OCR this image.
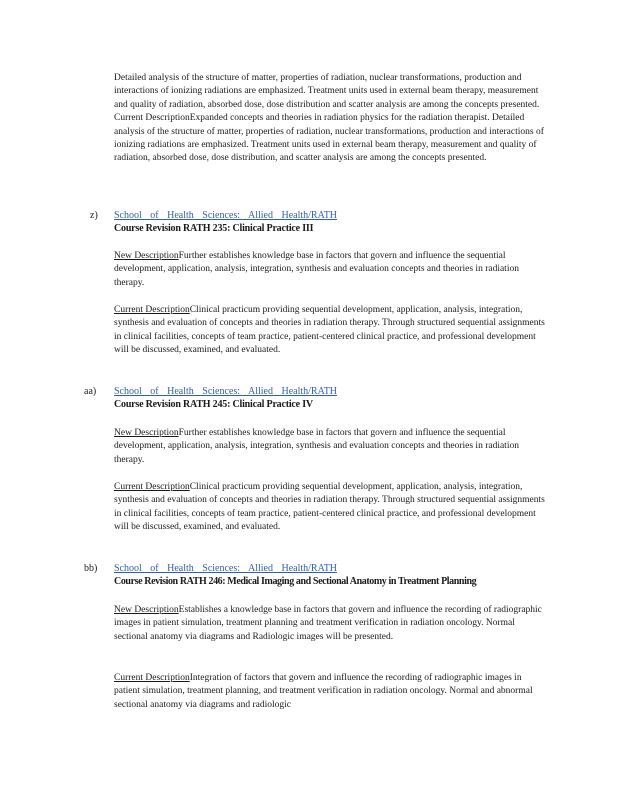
Detailed analysis of the structure of matter, properties of radiation, nuclear transformations, production and interactions of ionizing radiations are emphasized. Treatment units used in external beam therapy, measurement and quality of radiation, absorbed dose, dose distribution and scatter analysis are among the concepts presented.
Current DescriptionExpanded concepts and theories in radiation physics for the radiation therapist. Detailed analysis of the structure of matter, properties of radiation, nuclear transformations, production and interactions of ionizing radiations are emphasized. Treatment units used in external beam therapy, measurement and quality of radiation, absorbed dose, dose distribution, and scatter analysis are among the concepts presented.

z) School of Health Sciences: Allied Health/RATH
Course Revision RATH 235: Clinical Practice III

New DescriptionFurther establishes knowledge base in factors that govern and influence the sequential development, application, analysis, integration, synthesis and evaluation concepts and theories in radiation therapy.

Current DescriptionClinical practicum providing sequential development, application, analysis, integration, synthesis and evaluation of concepts and theories in radiation therapy. Through structured sequential assignments in clinical facilities, concepts of team practice, patient-centered clinical practice, and professional development will be discussed, examined, and evaluated.

aa) School of Health Sciences: Allied Health/RATH
Course Revision RATH 245: Clinical Practice IV

New DescriptionFurther establishes knowledge base in factors that govern and influence the sequential development, application, analysis, integration, synthesis and evaluation concepts and theories in radiation therapy.

Current DescriptionClinical practicum providing sequential development, application, analysis, integration, synthesis and evaluation of concepts and theories in radiation therapy. Through structured sequential assignments in clinical facilities, concepts of team practice, patient-centered clinical practice, and professional development will be discussed, examined, and evaluated.

bb) School of Health Sciences: Allied Health/RATH
Course Revision RATH 246: Medical Imaging and Sectional Anatomy in Treatment Planning

New DescriptionEstablishes a knowledge base in factors that govern and influence the recording of radiographic images in patient simulation, treatment planning and treatment verification in radiation oncology. Normal sectional anatomy via diagrams and Radiologic images will be presented.

Current DescriptionIntegration of factors that govern and influence the recording of radiographic images in patient simulation, treatment planning, and treatment verification in radiation oncology. Normal and abnormal sectional anatomy via diagrams and radiologic
